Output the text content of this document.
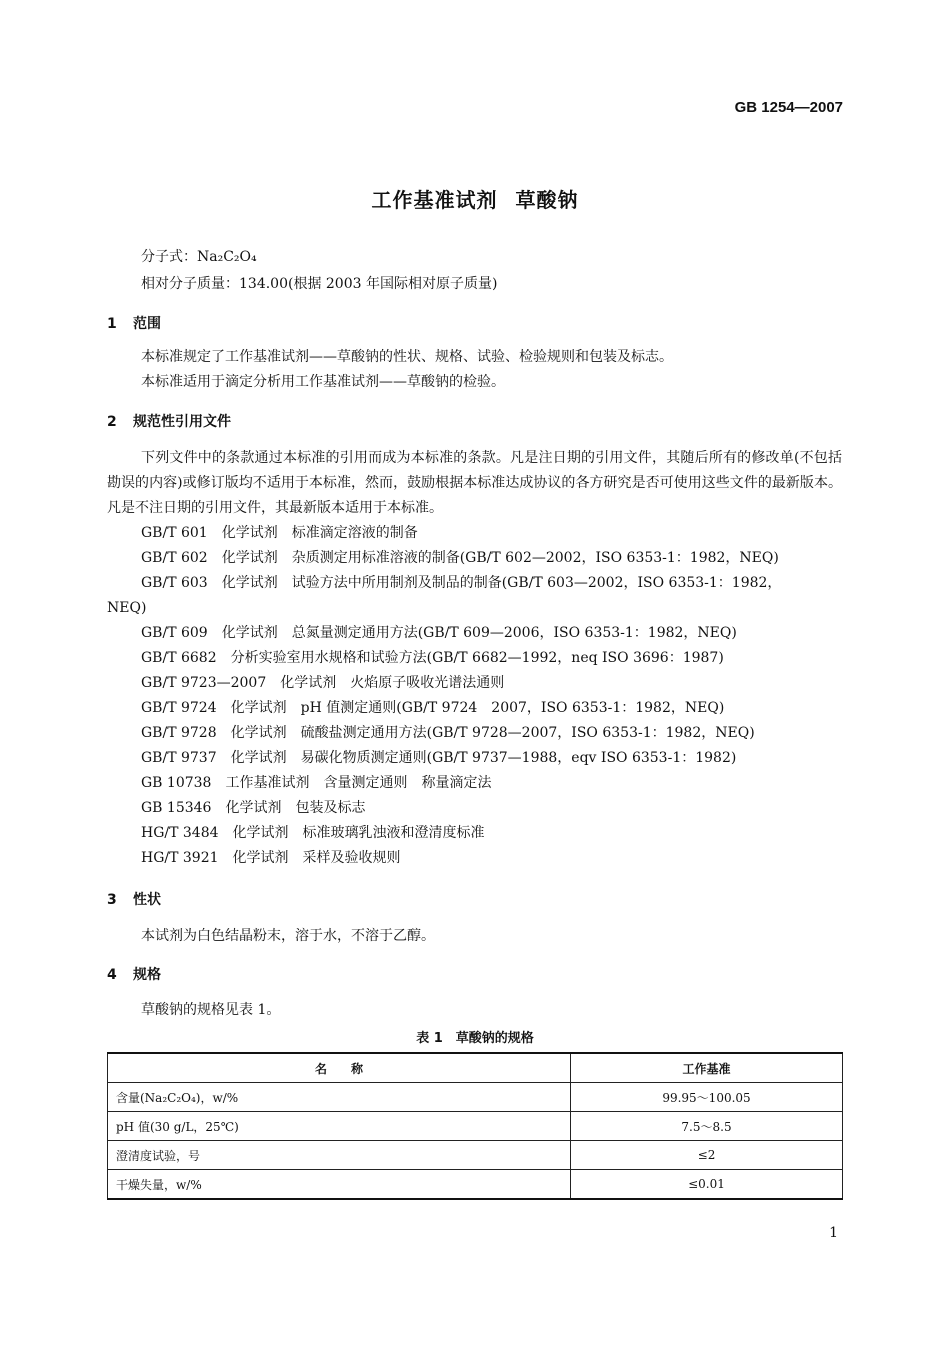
GB 1254—2007
工作基准试剂 草酸钠
分子式：Na₂C₂O₄
相对分子质量：134.00(根据 2003 年国际相对原子质量)
1 范围
本标准规定了工作基准试剂——草酸钠的性状、规格、试验、检验规则和包装及标志。
本标准适用于滴定分析用工作基准试剂——草酸钠的检验。
2 规范性引用文件
下列文件中的条款通过本标准的引用而成为本标准的条款。凡是注日期的引用文件，其随后所有的修改单(不包括勘误的内容)或修订版均不适用于本标准，然而，鼓励根据本标准达成协议的各方研究是否可使用这些文件的最新版本。凡是不注日期的引用文件，其最新版本适用于本标准。
GB/T 601 化学试剂　标准滴定溶液的制备
GB/T 602 化学试剂　杂质测定用标准溶液的制备(GB/T 602—2002，ISO 6353-1：1982，NEQ)
GB/T 603 化学试剂　试验方法中所用制剂及制品的制备(GB/T 603—2002，ISO 6353-1：1982，
NEQ)
GB/T 609 化学试剂　总氮量测定通用方法(GB/T 609—2006，ISO 6353-1：1982，NEQ)
GB/T 6682 分析实验室用水规格和试验方法(GB/T 6682—1992，neq ISO 3696：1987)
GB/T 9723—2007 化学试剂　火焰原子吸收光谱法通则
GB/T 9724 化学试剂　pH 值测定通则(GB/T 9724　2007，ISO 6353-1：1982，NEQ)
GB/T 9728 化学试剂　硫酸盐测定通用方法(GB/T 9728—2007，ISO 6353-1：1982，NEQ)
GB/T 9737 化学试剂　易碳化物质测定通则(GB/T 9737—1988，eqv ISO 6353-1：1982)
GB 10738 工作基准试剂　含量测定通则　称量滴定法
GB 15346 化学试剂　包装及标志
HG/T 3484 化学试剂　标准玻璃乳浊液和澄清度标准
HG/T 3921 化学试剂　采样及验收规则
3 性状
本试剂为白色结晶粉末，溶于水，不溶于乙醇。
4 规格
草酸钠的规格见表 1。
表 1　草酸钠的规格
名　　称	工作基准
含量(Na₂C₂O₄)，w/%	99.95～100.05
pH 值(30 g/L，25℃)	7.5～8.5
澄清度试验，号	≤2
干燥失量，w/%	≤0.01
1
